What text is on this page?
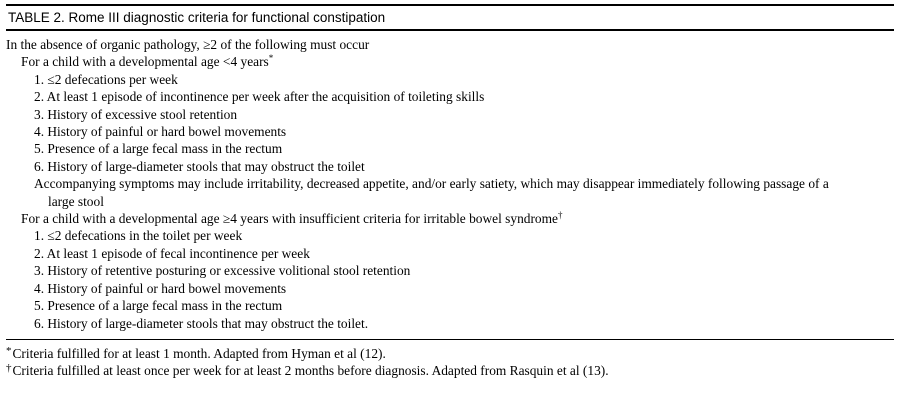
TABLE 2. Rome III diagnostic criteria for functional constipation
In the absence of organic pathology, ≥2 of the following must occur
For a child with a developmental age <4 years*
1. ≤2 defecations per week
2. At least 1 episode of incontinence per week after the acquisition of toileting skills
3. History of excessive stool retention
4. History of painful or hard bowel movements
5. Presence of a large fecal mass in the rectum
6. History of large-diameter stools that may obstruct the toilet
Accompanying symptoms may include irritability, decreased appetite, and/or early satiety, which may disappear immediately following passage of a
large stool
For a child with a developmental age ≥4 years with insufficient criteria for irritable bowel syndrome†
1. ≤2 defecations in the toilet per week
2. At least 1 episode of fecal incontinence per week
3. History of retentive posturing or excessive volitional stool retention
4. History of painful or hard bowel movements
5. Presence of a large fecal mass in the rectum
6. History of large-diameter stools that may obstruct the toilet.
*Criteria fulfilled for at least 1 month. Adapted from Hyman et al (12).
†Criteria fulfilled at least once per week for at least 2 months before diagnosis. Adapted from Rasquin et al (13).
